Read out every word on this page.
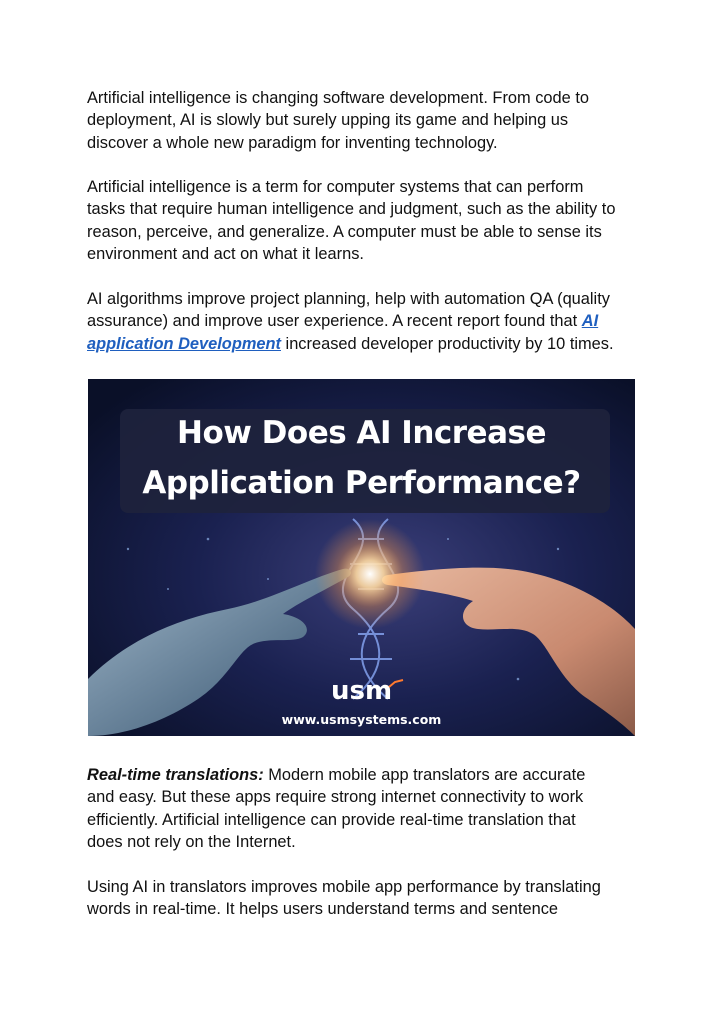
Artificial intelligence is changing software development. From code to
deployment, AI is slowly but surely upping its game and helping us
discover a whole new paradigm for inventing technology.

Artificial intelligence is a term for computer systems that can perform
tasks that require human intelligence and judgment, such as the ability to
reason, perceive, and generalize. A computer must be able to sense its
environment and act on what it learns.

AI algorithms improve project planning, help with automation QA (quality
assurance) and improve user experience. A recent report found that AI
application Development increased developer productivity by 10 times.

How Does AI Increase
Application Performance?
usm
www.usmsystems.com

Real-time translations: Modern mobile app translators are accurate
and easy. But these apps require strong internet connectivity to work
efficiently. Artificial intelligence can provide real-time translation that
does not rely on the Internet.

Using AI in translators improves mobile app performance by translating
words in real-time. It helps users understand terms and sentence
